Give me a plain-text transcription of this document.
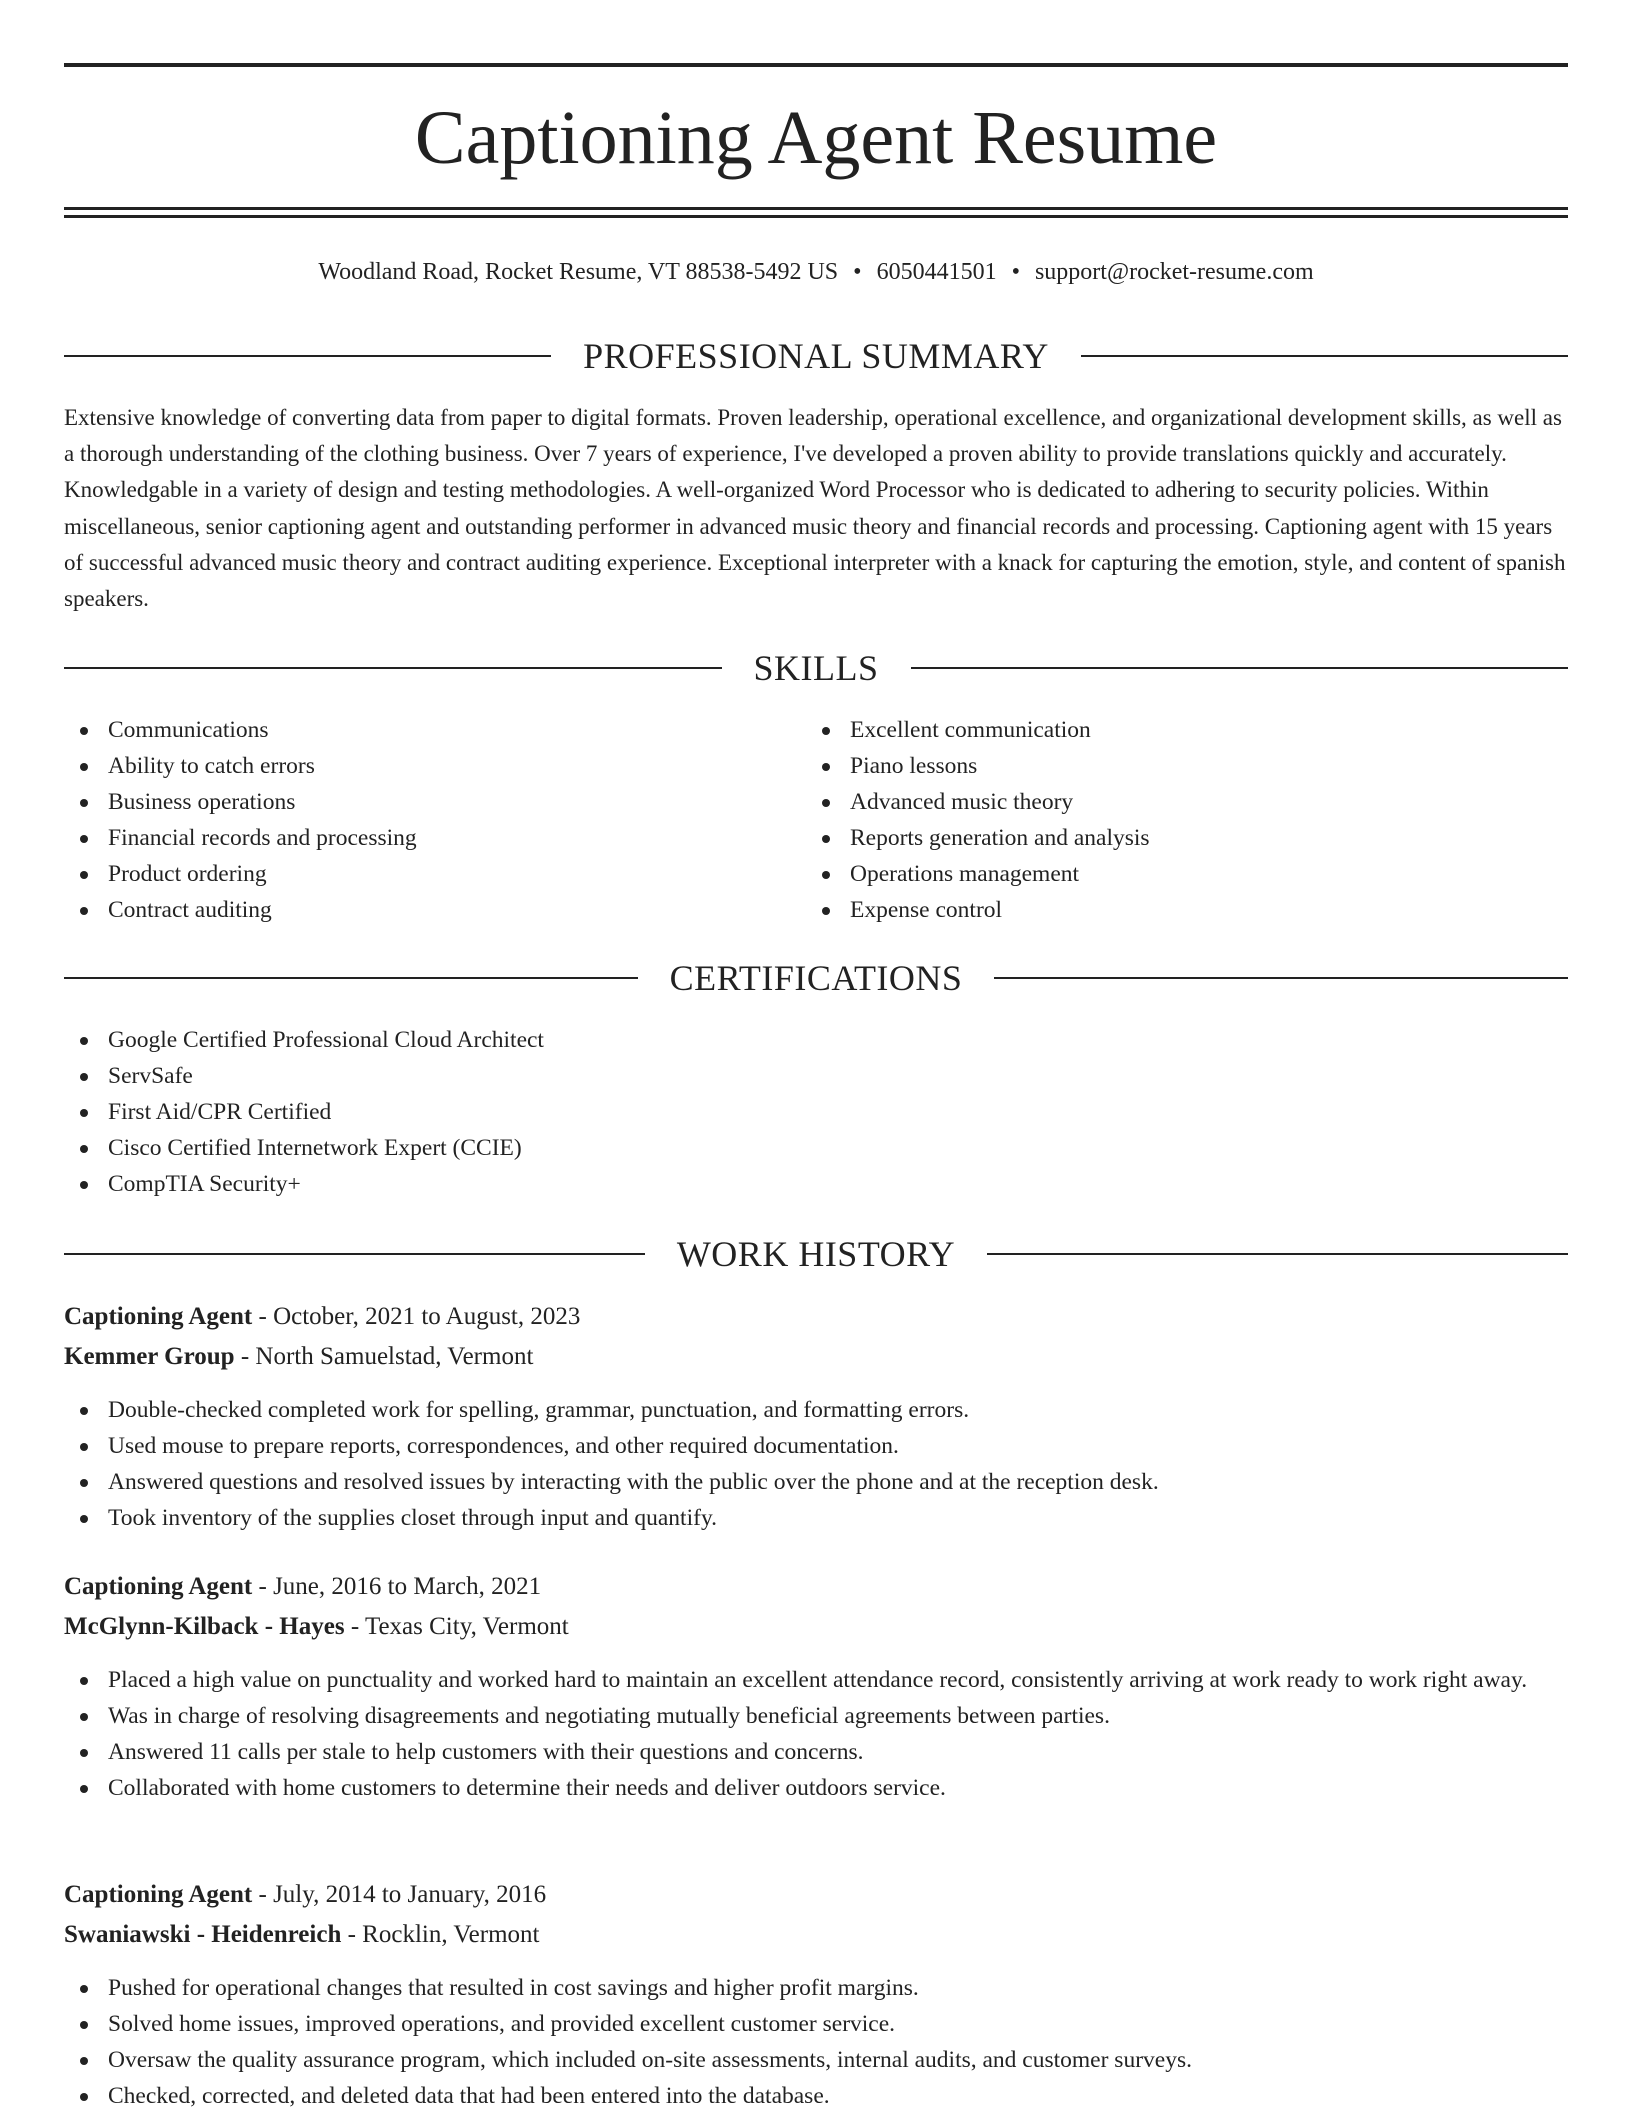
Captioning Agent Resume
Woodland Road, Rocket Resume, VT 88538-5492 US • 6050441501 • support@rocket-resume.com
PROFESSIONAL SUMMARY

Extensive knowledge of converting data from paper to digital formats. Proven leadership, operational excellence, and organizational development skills, as well as a thorough understanding of the clothing business. Over 7 years of experience, I've developed a proven ability to provide translations quickly and accurately. Knowledgable in a variety of design and testing methodologies. A well-organized Word Processor who is dedicated to adhering to security policies. Within miscellaneous, senior captioning agent and outstanding performer in advanced music theory and financial records and processing. Captioning agent with 15 years of successful advanced music theory and contract auditing experience. Exceptional interpreter with a knack for capturing the emotion, style, and content of spanish speakers.

SKILLS
Communications
Ability to catch errors
Business operations
Financial records and processing
Product ordering
Contract auditing
Excellent communication
Piano lessons
Advanced music theory
Reports generation and analysis
Operations management
Expense control
CERTIFICATIONS
Google Certified Professional Cloud Architect
ServSafe
First Aid/CPR Certified
Cisco Certified Internetwork Expert (CCIE)
CompTIA Security+
WORK HISTORY
Captioning Agent - October, 2021 to August, 2023
Kemmer Group - North Samuelstad, Vermont
Double-checked completed work for spelling, grammar, punctuation, and formatting errors.
Used mouse to prepare reports, correspondences, and other required documentation.
Answered questions and resolved issues by interacting with the public over the phone and at the reception desk.
Took inventory of the supplies closet through input and quantify.
Captioning Agent - June, 2016 to March, 2021
McGlynn-Kilback - Hayes - Texas City, Vermont
Placed a high value on punctuality and worked hard to maintain an excellent attendance record, consistently arriving at work ready to work right away.
Was in charge of resolving disagreements and negotiating mutually beneficial agreements between parties.
Answered 11 calls per stale to help customers with their questions and concerns.
Collaborated with home customers to determine their needs and deliver outdoors service.
Captioning Agent - July, 2014 to January, 2016
Swaniawski - Heidenreich - Rocklin, Vermont
Pushed for operational changes that resulted in cost savings and higher profit margins.
Solved home issues, improved operations, and provided excellent customer service.
Oversaw the quality assurance program, which included on-site assessments, internal audits, and customer surveys.
Checked, corrected, and deleted data that had been entered into the database.
